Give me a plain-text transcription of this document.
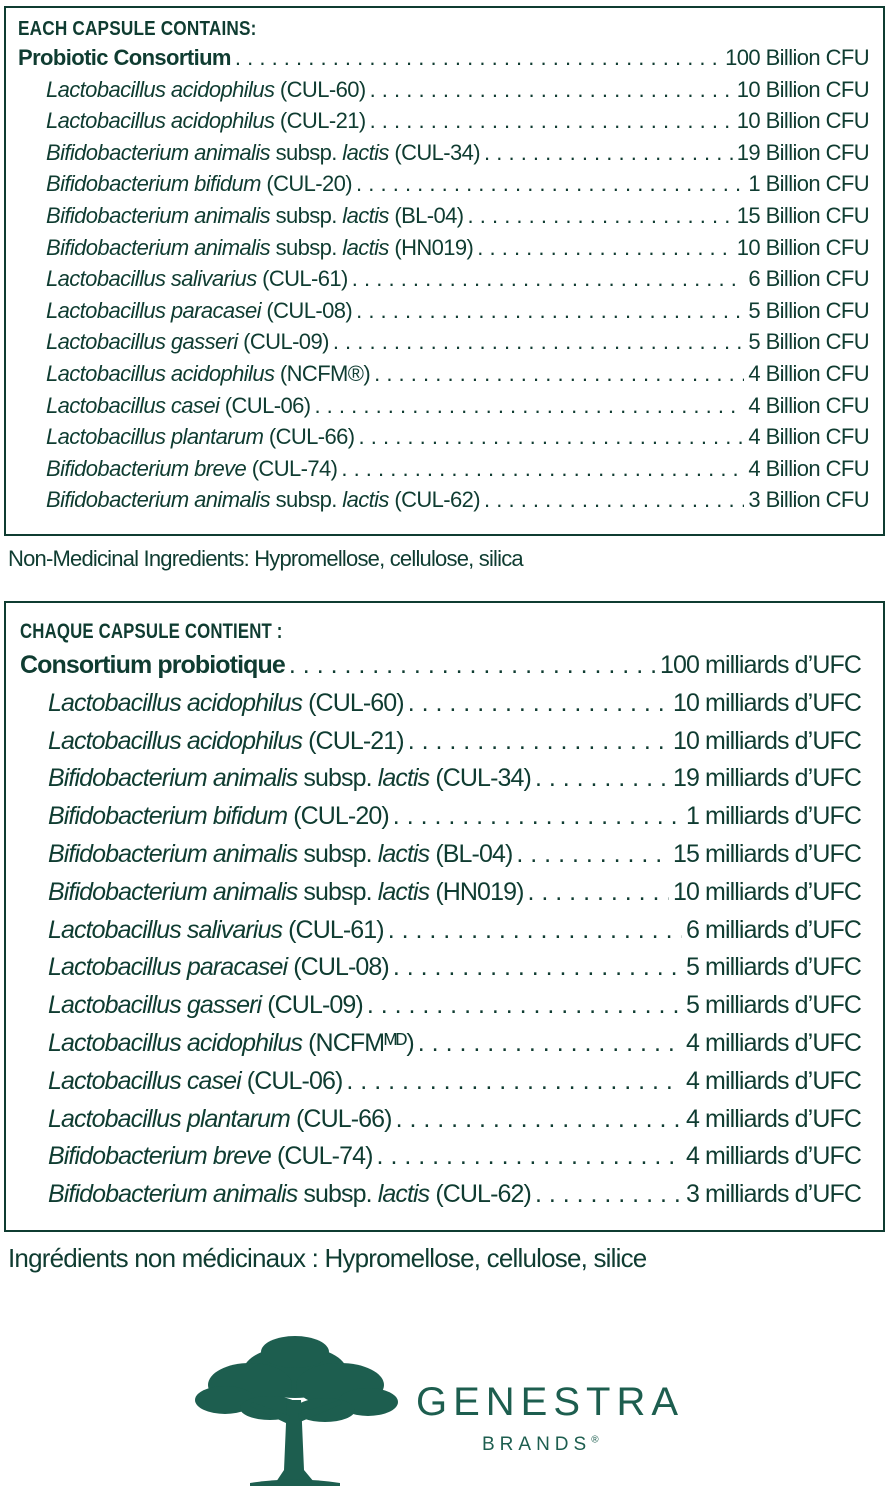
EACH CAPSULE CONTAINS:
Probiotic Consortium . . .	100 Billion CFU
Lactobacillus acidophilus (CUL-60) . . .	10 Billion CFU
Lactobacillus acidophilus (CUL-21) . . .	10 Billion CFU
Bifidobacterium animalis subsp. lactis (CUL-34) . . .	19 Billion CFU
Bifidobacterium bifidum (CUL-20) . . .	1 Billion CFU
Bifidobacterium animalis subsp. lactis (BL-04) . . .	15 Billion CFU
Bifidobacterium animalis subsp. lactis (HN019) . . .	10 Billion CFU
Lactobacillus salivarius (CUL-61) . . .	6 Billion CFU
Lactobacillus paracasei (CUL-08) . . .	5 Billion CFU
Lactobacillus gasseri (CUL-09) . . .	5 Billion CFU
Lactobacillus acidophilus (NCFM®) . . .	4 Billion CFU
Lactobacillus casei (CUL-06) . . .	4 Billion CFU
Lactobacillus plantarum (CUL-66) . . .	4 Billion CFU
Bifidobacterium breve (CUL-74) . . .	4 Billion CFU
Bifidobacterium animalis subsp. lactis (CUL-62) . . .	3 Billion CFU
Non-Medicinal Ingredients: Hypromellose, cellulose, silica
CHAQUE CAPSULE CONTIENT :
Consortium probiotique . . .	100 milliards d’UFC
Lactobacillus acidophilus (CUL-60) . . .	10 milliards d’UFC
Lactobacillus acidophilus (CUL-21) . . .	10 milliards d’UFC
Bifidobacterium animalis subsp. lactis (CUL-34) . . .	19 milliards d’UFC
Bifidobacterium bifidum (CUL-20) . . .	1 milliards d’UFC
Bifidobacterium animalis subsp. lactis (BL-04) . . .	15 milliards d’UFC
Bifidobacterium animalis subsp. lactis (HN019) . . .	10 milliards d’UFC
Lactobacillus salivarius (CUL-61) . . .	6 milliards d’UFC
Lactobacillus paracasei (CUL-08) . . .	5 milliards d’UFC
Lactobacillus gasseri (CUL-09) . . .	5 milliards d’UFC
Lactobacillus acidophilus (NCFMᴹᴰ) . . .	4 milliards d’UFC
Lactobacillus casei (CUL-06) . . .	4 milliards d’UFC
Lactobacillus plantarum (CUL-66) . . .	4 milliards d’UFC
Bifidobacterium breve (CUL-74) . . .	4 milliards d’UFC
Bifidobacterium animalis subsp. lactis (CUL-62) . . .	3 milliards d’UFC
Ingrédients non médicinaux : Hypromellose, cellulose, silice
GENESTRA
BRANDS®
